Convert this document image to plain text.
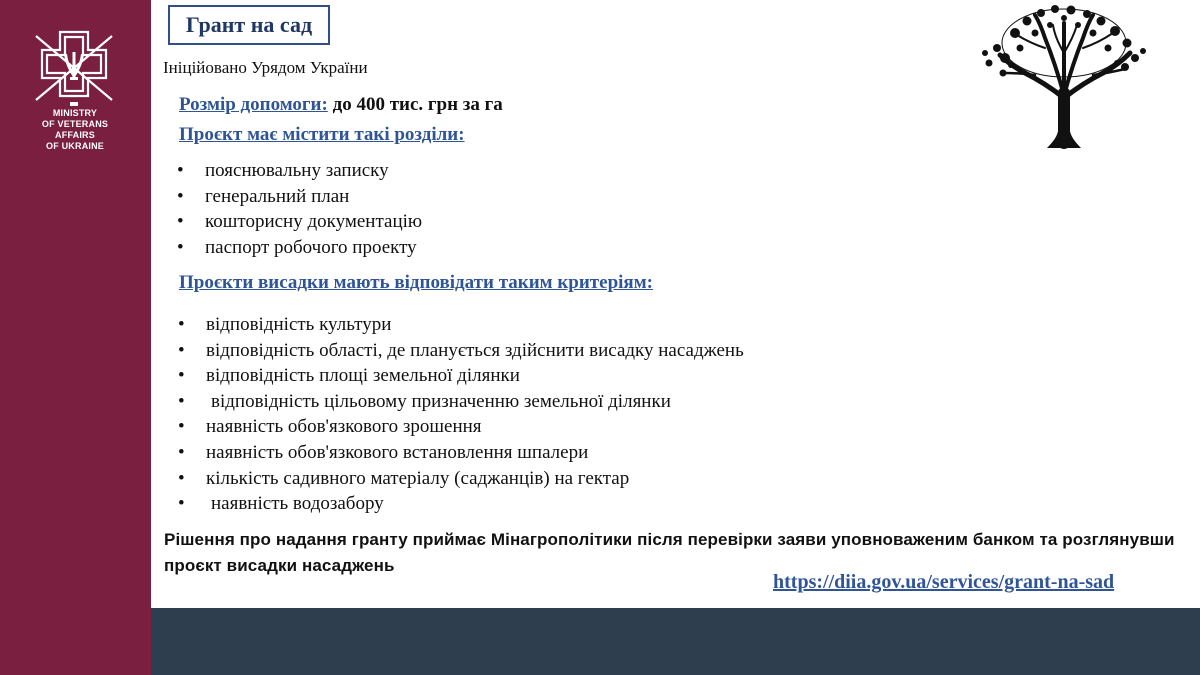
MINISTRY
OF VETERANS
AFFAIRS
OF UKRAINE
Грант на сад
Ініційовано Урядом України
Розмір допомоги: до 400 тис. грн за га
Проєкт має містити такі розділи:
• пояснювальну записку
• генеральний план
• кошторисну документацію
• паспорт робочого проекту
Проєкти висадки мають відповідати таким критеріям:
• відповідність культури
• відповідність області, де планується здійснити висадку насаджень
• відповідність площі земельної ділянки
• відповідність цільовому призначенню земельної ділянки
• наявність обов'язкового зрошення
• наявність обов'язкового встановлення шпалери
• кількість садивного матеріалу (саджанців) на гектар
• наявність водозабору
Рішення про надання гранту приймає Мінагрополітики після перевірки заяви уповноваженим банком та розглянувши проєкт висадки насаджень
https://diia.gov.ua/services/grant-na-sad
